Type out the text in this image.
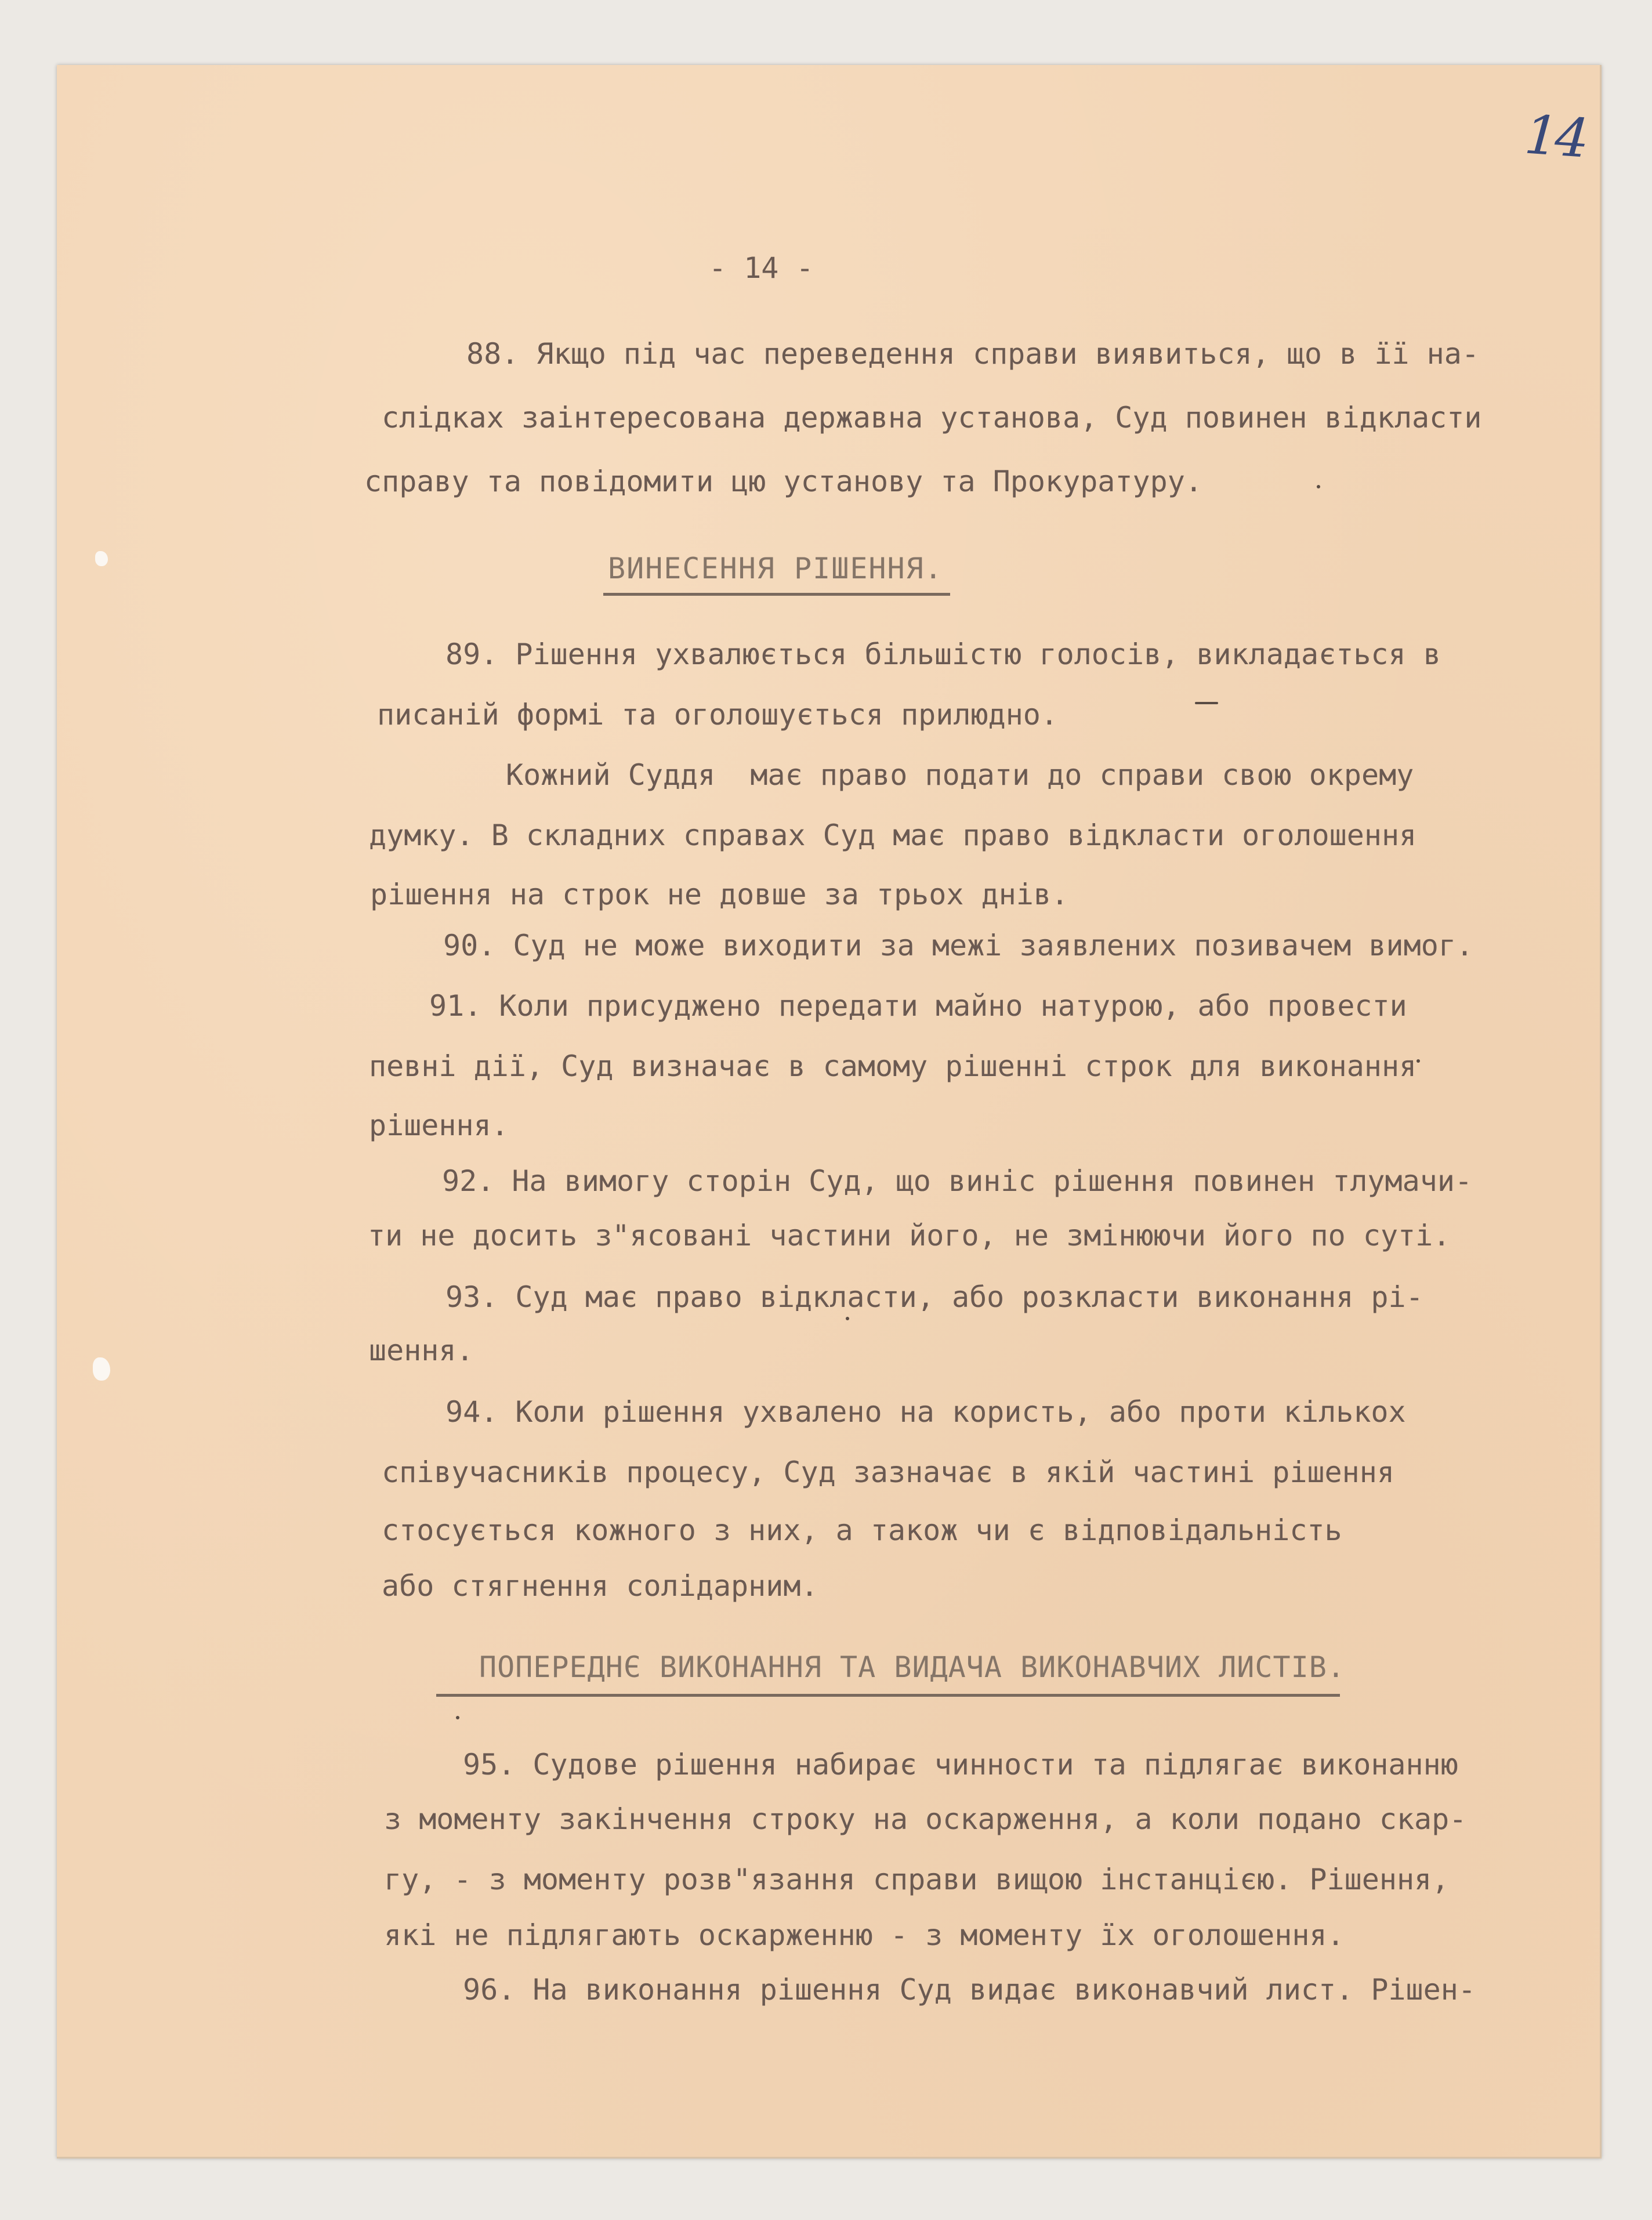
14

- 14 -

88. Якщо під час переведення справи виявиться, що в її на-

слідках заінтересована державна установа, Суд повинен відкласти

справу та повідомити цю установу та Прокуратуру.

ВИНЕСЕННЯ РІШЕННЯ.

89. Рішення ухвалюється більшістю голосів, викладається в

писаній формі та оголошується прилюдно.

Кожний Суддя  має право подати до справи свою окрему

думку. В складних справах Суд має право відкласти оголошення

рішення на строк не довше за трьох днів.

90. Суд не може виходити за межі заявлених позивачем вимог.

91. Коли присуджено передати майно натурою, або провести

певні дії, Суд визначає в самому рішенні строк для виконання

рішення.

92. На вимогу сторін Суд, що виніс рішення повинен тлумачи-

ти не досить з"ясовані частини його, не змінюючи його по суті.

93. Суд має право відкласти, або розкласти виконання рі-

шення.

94. Коли рішення ухвалено на користь, або проти кількох

співучасників процесу, Суд зазначає в якій частині рішення

стосується кожного з них, а також чи є відповідальність

або стягнення солідарним.

ПОПЕРЕДНЄ ВИКОНАННЯ ТА ВИДАЧА ВИКОНАВЧИХ ЛИСТІВ.

95. Судове рішення набирає чинности та підлягає виконанню

з моменту закінчення строку на оскарження, а коли подано скар-

гу, - з моменту розв"язання справи вищою інстанцією. Рішення,

які не підлягають оскарженню - з моменту їх оголошення.

96. На виконання рішення Суд видає виконавчий лист. Рішен-
